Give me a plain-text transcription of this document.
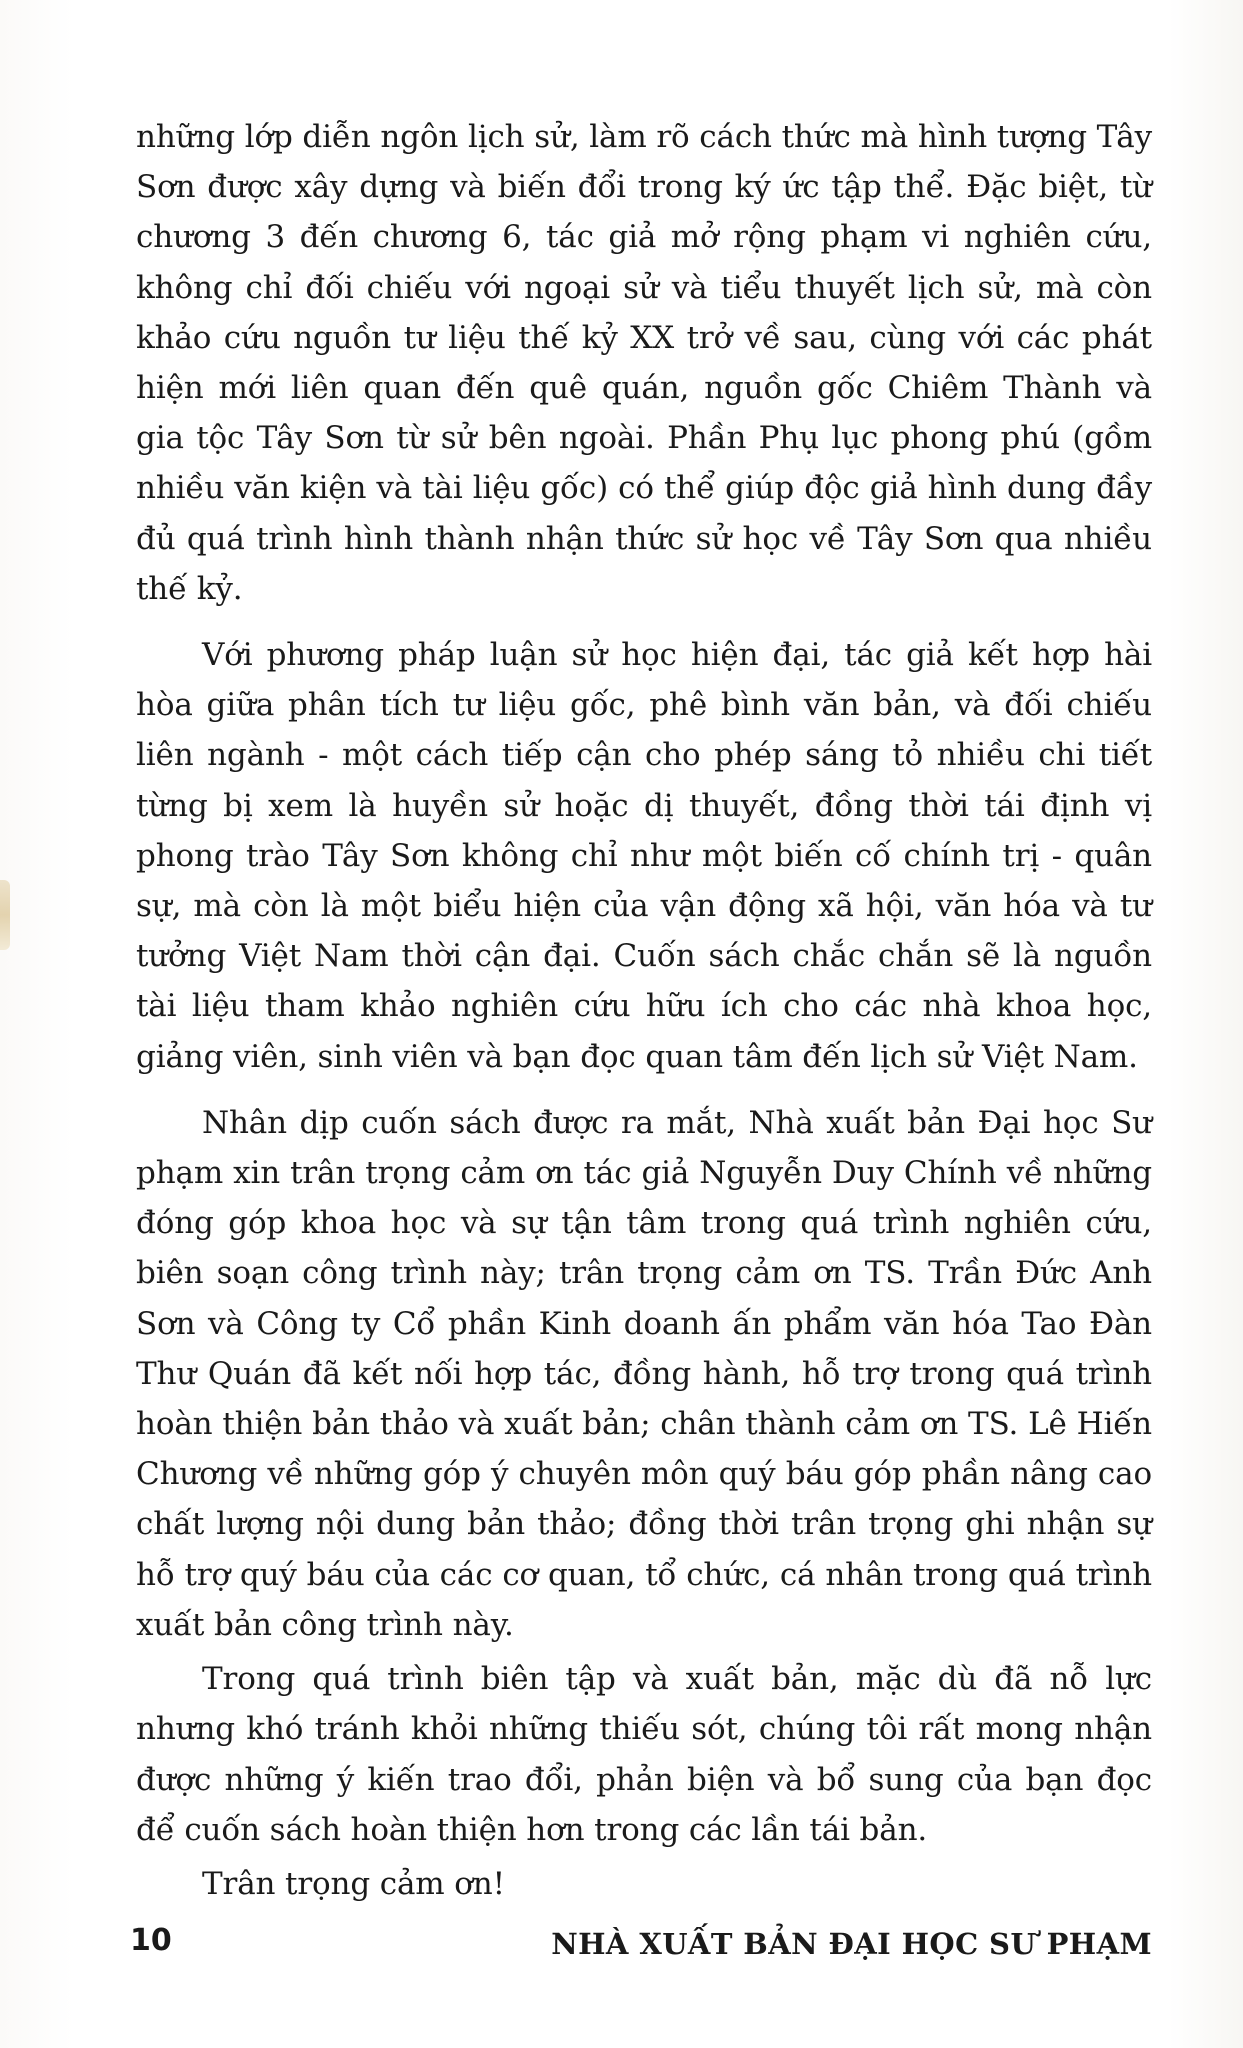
những lớp diễn ngôn lịch sử, làm rõ cách thức mà hình tượng Tây Sơn được xây dựng và biến đổi trong ký ức tập thể. Đặc biệt, từ chương 3 đến chương 6, tác giả mở rộng phạm vi nghiên cứu, không chỉ đối chiếu với ngoại sử và tiểu thuyết lịch sử, mà còn khảo cứu nguồn tư liệu thế kỷ XX trở về sau, cùng với các phát hiện mới liên quan đến quê quán, nguồn gốc Chiêm Thành và gia tộc Tây Sơn từ sử bên ngoài. Phần Phụ lục phong phú (gồm nhiều văn kiện và tài liệu gốc) có thể giúp độc giả hình dung đầy đủ quá trình hình thành nhận thức sử học về Tây Sơn qua nhiều thế kỷ.

Với phương pháp luận sử học hiện đại, tác giả kết hợp hài hòa giữa phân tích tư liệu gốc, phê bình văn bản, và đối chiếu liên ngành - một cách tiếp cận cho phép sáng tỏ nhiều chi tiết từng bị xem là huyền sử hoặc dị thuyết, đồng thời tái định vị phong trào Tây Sơn không chỉ như một biến cố chính trị - quân sự, mà còn là một biểu hiện của vận động xã hội, văn hóa và tư tưởng Việt Nam thời cận đại. Cuốn sách chắc chắn sẽ là nguồn tài liệu tham khảo nghiên cứu hữu ích cho các nhà khoa học, giảng viên, sinh viên và bạn đọc quan tâm đến lịch sử Việt Nam.

Nhân dịp cuốn sách được ra mắt, Nhà xuất bản Đại học Sư phạm xin trân trọng cảm ơn tác giả Nguyễn Duy Chính về những đóng góp khoa học và sự tận tâm trong quá trình nghiên cứu, biên soạn công trình này; trân trọng cảm ơn TS. Trần Đức Anh Sơn và Công ty Cổ phần Kinh doanh ấn phẩm văn hóa Tao Đàn Thư Quán đã kết nối hợp tác, đồng hành, hỗ trợ trong quá trình hoàn thiện bản thảo và xuất bản; chân thành cảm ơn TS. Lê Hiến Chương về những góp ý chuyên môn quý báu góp phần nâng cao chất lượng nội dung bản thảo; đồng thời trân trọng ghi nhận sự hỗ trợ quý báu của các cơ quan, tổ chức, cá nhân trong quá trình xuất bản công trình này.

Trong quá trình biên tập và xuất bản, mặc dù đã nỗ lực nhưng khó tránh khỏi những thiếu sót, chúng tôi rất mong nhận được những ý kiến trao đổi, phản biện và bổ sung của bạn đọc để cuốn sách hoàn thiện hơn trong các lần tái bản.

Trân trọng cảm ơn!

NHÀ XUẤT BẢN ĐẠI HỌC SƯ PHẠM

10
